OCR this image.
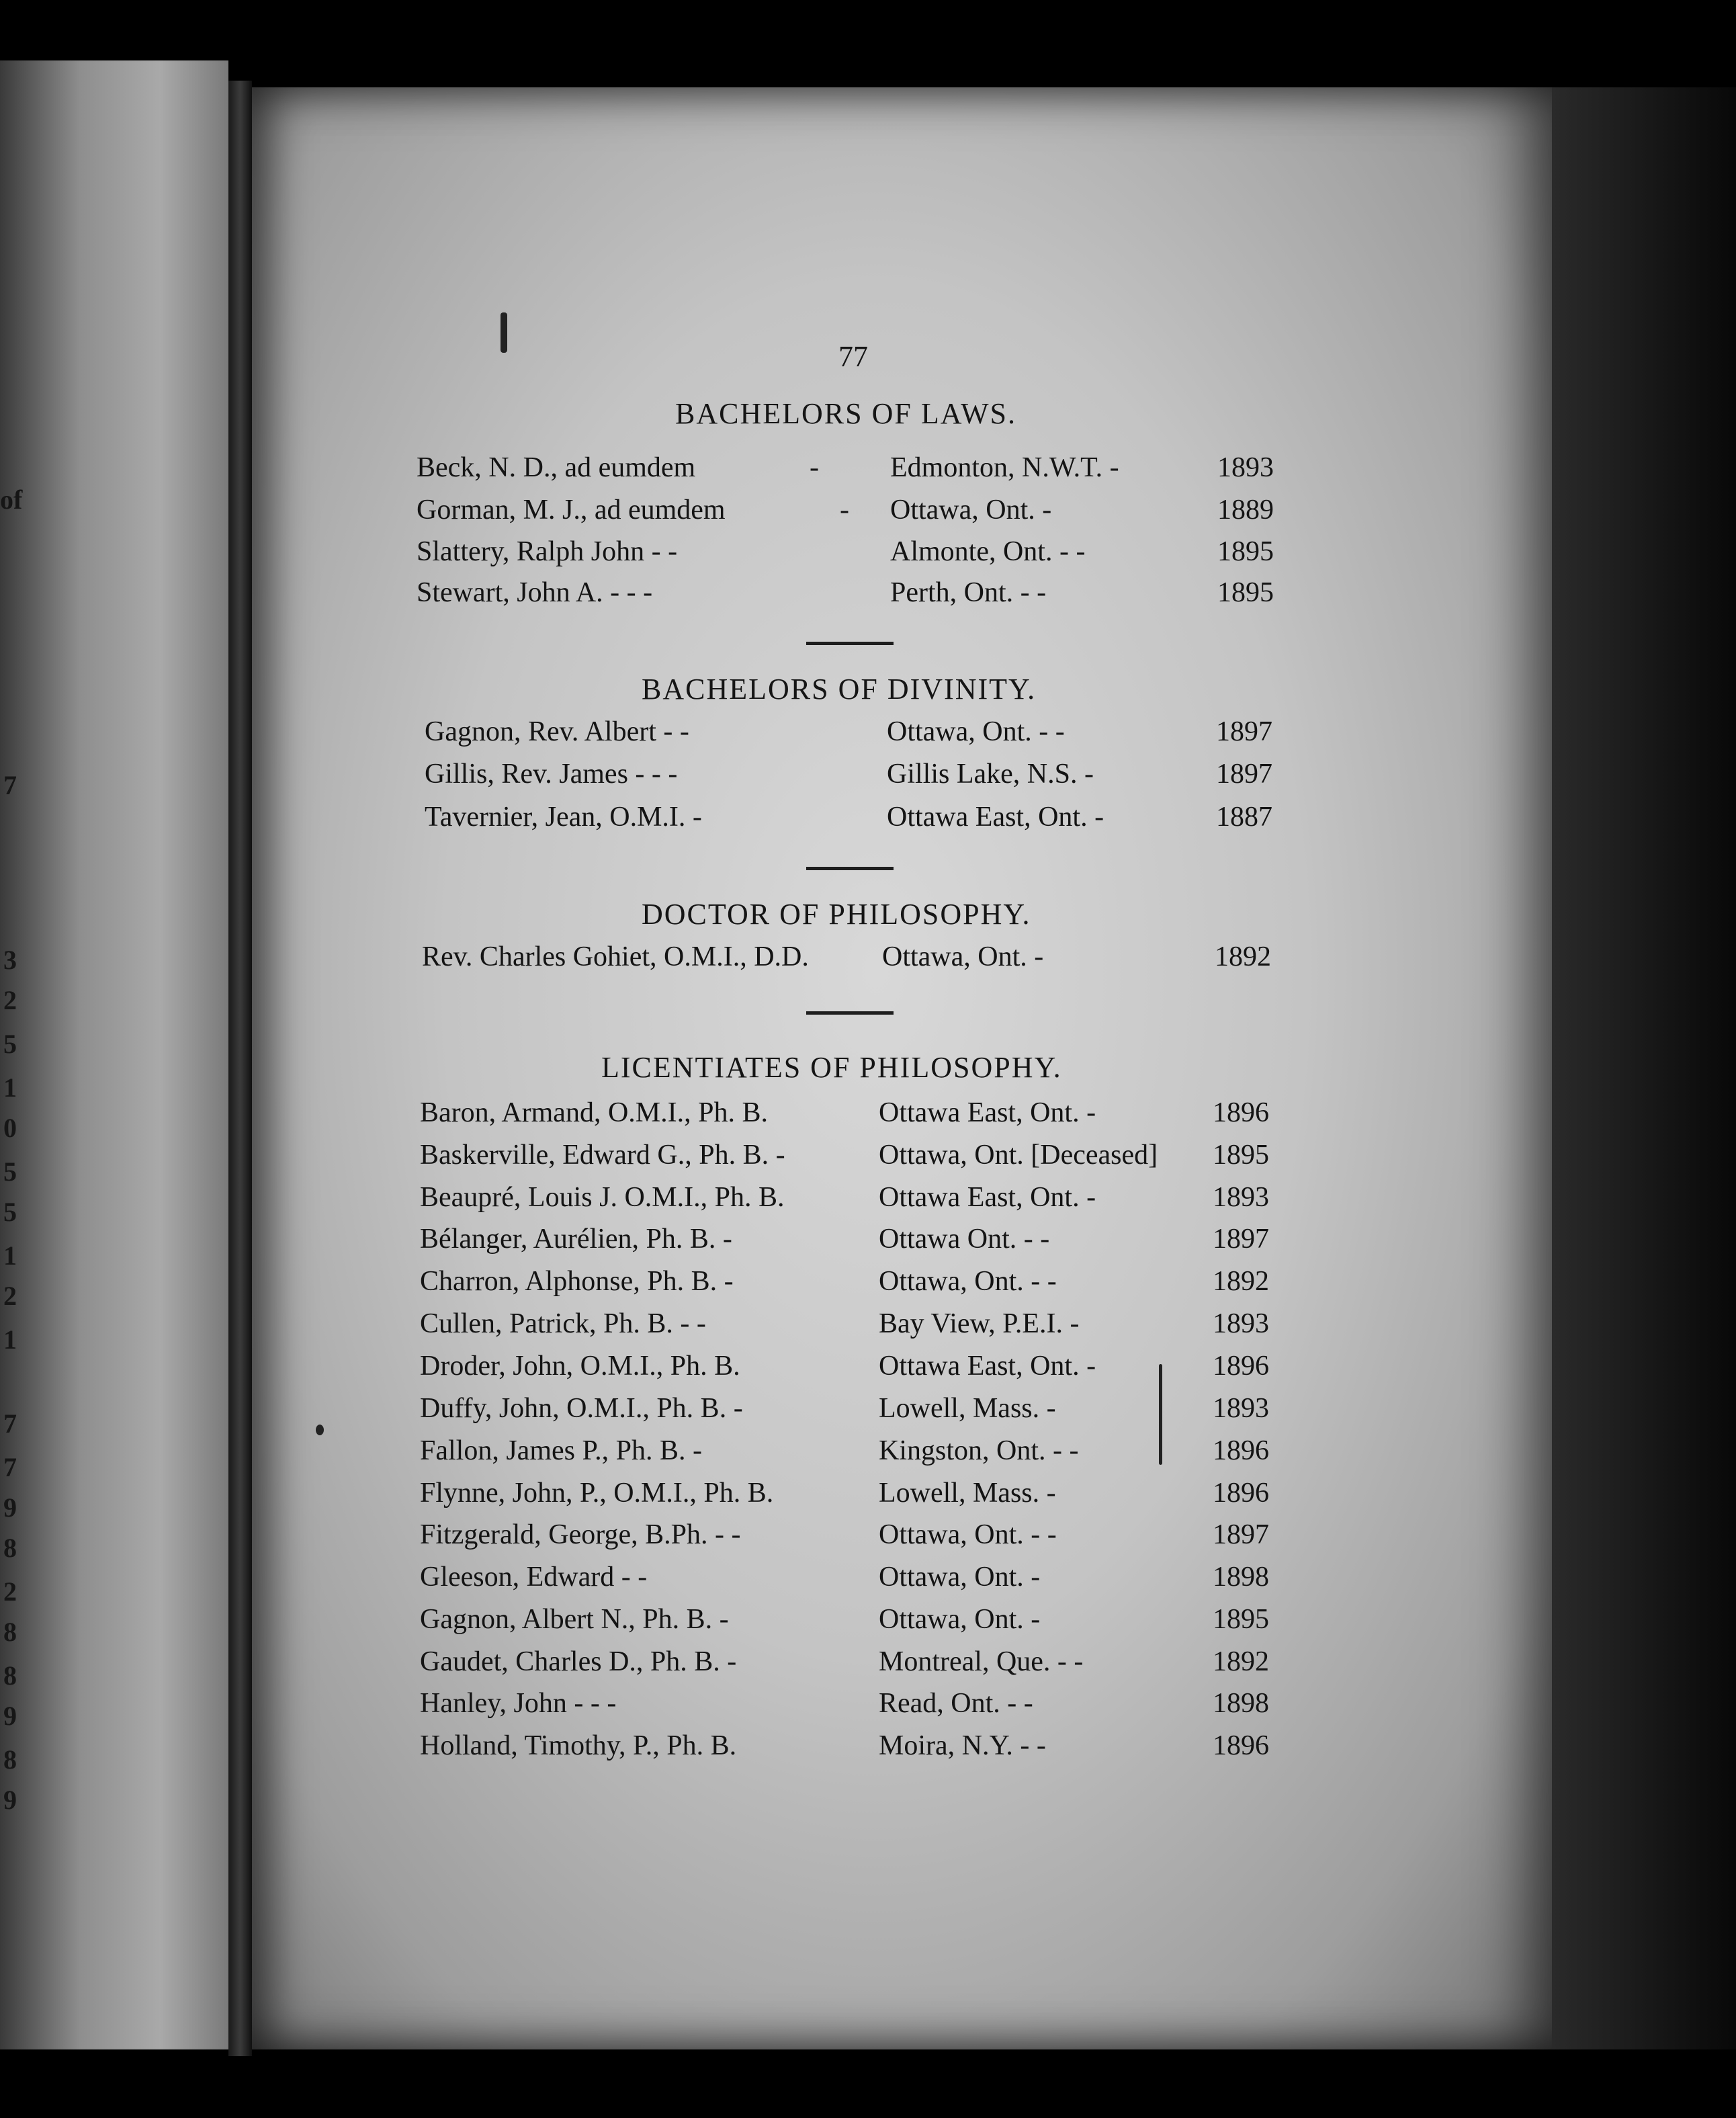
of
7
3
2
5
1
0
5
5
1
2
1
7
7
9
8
2
8
8
9
8
9
77
BACHELORS OF LAWS.
Beck, N. D., ad eumdem	-	Edmonton, N.W.T. -	1893
Gorman, M. J., ad eumdem	- Ottawa, Ont. -	1889
Slattery, Ralph John - -	Almonte, Ont. - -	1895
Stewart, John A. - - -	Perth, Ont. - -	1895
BACHELORS OF DIVINITY.
Gagnon, Rev. Albert - -	Ottawa, Ont. - -	1897
Gillis, Rev. James - - -	Gillis Lake, N.S. -	1897
Tavernier, Jean, O.M.I. -	Ottawa East, Ont. -	1887
DOCTOR OF PHILOSOPHY.
Rev. Charles Gohiet, O.M.I., D.D.	Ottawa, Ont. -	1892
LICENTIATES OF PHILOSOPHY.
Baron, Armand, O.M.I., Ph. B.	Ottawa East, Ont. -	1896
Baskerville, Edward G., Ph. B. -	Ottawa, Ont. [Deceased] 1895
Beaupré, Louis J. O.M.I., Ph. B.	Ottawa East, Ont. -	1893
Bélanger, Aurélien, Ph. B. -	Ottawa Ont. - -	1897
Charron, Alphonse, Ph. B. -	Ottawa, Ont. - -	1892
Cullen, Patrick, Ph. B. - -	Bay View, P.E.I. -	1893
Droder, John, O.M.I., Ph. B.	Ottawa East, Ont. -	1896
Duffy, John, O.M.I., Ph. B. -	Lowell, Mass. -	1893
Fallon, James P., Ph. B. -	Kingston, Ont. - -	1896
Flynne, John, P., O.M.I., Ph. B.	Lowell, Mass. -	1896
Fitzgerald, George, B.Ph. - -	Ottawa, Ont. - -	1897
Gleeson, Edward - -	Ottawa, Ont. -	1898
Gagnon, Albert N., Ph. B. -	Ottawa, Ont. -	1895
Gaudet, Charles D., Ph. B. -	Montreal, Que. - -	1892
Hanley, John - - -	Read, Ont. - -	1898
Holland, Timothy, P., Ph. B.	Moira, N.Y. - -	1896
